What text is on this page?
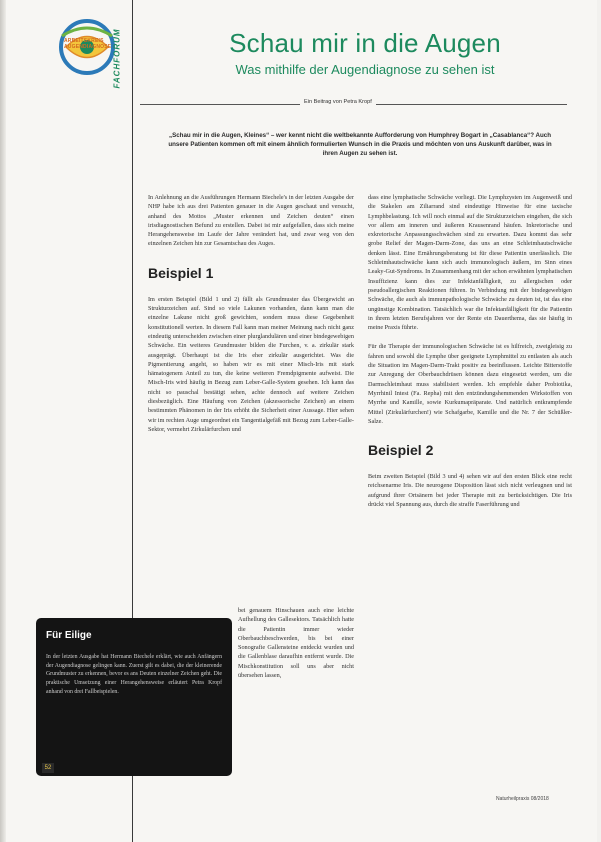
ARBEITSKREIS
AUGENDIAGNOSE FACHFORUM	Schau mir in die Augen
Was mithilfe der Augendiagnose zu sehen ist
Ein Beitrag von Petra Kropf
„Schau mir in die Augen, Kleines“ – wer kennt nicht die weltbekannte Aufforderung von Humphrey Bogart in „Casablanca“? Auch unsere Patienten kommen oft mit einem ähnlich formulierten Wunsch in die Praxis und möchten von uns Auskunft darüber, was in ihren Augen zu sehen ist.

In Anlehnung an die Ausführungen Hermann Biechele's in der letzten Ausgabe der NHP habe ich aus drei Patienten genauer in die Augen geschaut und versucht, anhand des Mottos „Muster erkennen und Zeichen deuten“ einen irisdiagnostischen Befund zu erstellen. Dabei ist mir aufgefallen, dass sich meine Herangehensweise im Laufe der Jahre verändert hat, und zwar weg von den einzelnen Zeichen hin zur Gesamtschau des Auges.

Beispiel 1

Im ersten Beispiel (Bild 1 und 2) fällt als Grundmuster das Übergewicht an Strukturzeichen auf. Sind so viele Lakunen vorhanden, dann kann man die einzelne Lakune nicht groß gewichten, sondern muss diese Gegebenheit konstitutionell werten. In diesem Fall kann man meiner Meinung nach nicht ganz eindeutig unterscheiden zwischen einer plurglandulären und einer bindegewebigen Schwäche. Ein weiteres Grundmuster bilden die Furchen, v. a. zirkulär stark ausgeprägt. Überhaupt ist die Iris eher zirkulär ausgerichtet. Was die Pigmentierung angeht, so haben wir es mit einer Misch-Iris mit stark hämatogenem Anteil zu tun, die keine weiteren Fremdpigmente aufweist. Die Misch-Iris wird häufig in Bezug zum Leber-Galle-System gesehen. Ich kann das nicht so pauschal bestätigt sehen, achte dennoch auf weitere Zeichen diesbezüglich. Eine Häufung von Zeichen (akzessorische Zeichen) an einem bestimmten Phänomen in der Iris erhöht die Sicherheit einer Aussage. Hier sehen wir im rechten Auge umgeordnet ein Tangentialgefäß mit Bezug zum Leber-Galle-Sektor, vermehrt Zirkulärfurchen und

bei genauem Hinschauen auch eine leichte Aufhellung des Gallesektors. Tatsächlich hatte die Patientin immer wieder Oberbauchbeschwerden, bis bei einer Sonografie Gallensteine entdeckt wurden und die Gallenblase daraufhin entfernt wurde. Die Mischkonstitution soll uns aber nicht übersehen lassen,

dass eine lymphatische Schwäche vorliegt. Die Lymphzysten im Augenweiß und die Stakelen am Ziliarrand sind eindeutige Hinweise für eine taxische Lymphbelastung. Ich will noch einmal auf die Strukturzeichen eingehen, die sich vor allem am inneren und äußeren Krausenrand häufen. Inkretorische und exkretorische Anpassungsschwächen sind zu erwarten. Dazu kommt das sehr grobe Relief der Magen-Darm-Zone, das uns an eine Schleimhautschwäche denken lässt. Eine Ernährungsberatung ist für diese Patientin unerlässlich. Die Schleimhautschwäche kann sich auch immunologisch äußern, im Sinn eines Leaky-Gut-Syndroms. In Zusammenhang mit der schon erwähnten lymphatischen Insuffizienz kann dies zur Infektanfälligkeit, zu allergischen oder pseudoallergischen Reaktionen führen. In Verbindung mit der bindegewebigen Schwäche, die auch als immunpathologische Schwäche zu deuten ist, ist das eine ungünstige Kombination. Tatsächlich war die Infektanfälligkeit für die Patientin in ihrem letzten Berufsjahren vor der Rente ein Dauerthema, das sie häufig in meine Praxis führte.

Für die Therapie der immunologischen Schwäche ist es hilfreich, zweigleisig zu fahren und sowohl die Lymphe über geeignete Lymphmittel zu entlasten als auch die Situation im Magen-Darm-Trakt positiv zu beeinflussen. Leichte Bitterstoffe zur Anregung der Oberbauchdrüsen können dazu eingesetzt werden, um die Darmschleimhaut muss stabilisiert werden. Ich empfehle daher Probiotika, Myrrhinil Intest (Fa. Repha) mit den entzündungshemmenden Wirkstoffen von Myrrhe und Kamille, sowie Kurkumapräparate. Und natürlich entkrampfende Mittel (Zirkulärfurchen!) wie Schafgarbe, Kamille und die Nr. 7 der Schüßler-Salze.

Beispiel 2

Beim zweiten Beispiel (Bild 3 und 4) sehen wir auf den ersten Blick eine recht reichsenarme Iris. Die neurogene Disposition lässt sich nicht verleugnen und ist aufgrund ihrer Ortsänern bei jeder Therapie mit zu berücksichtigen. Die Iris drückt viel Spannung aus, durch die straffe Faserführung und

Für Eilige

In der letzten Ausgabe hat Hermann Biechele erklärt, wie auch Anfängern der Augendiagnose gelingen kann. Zuerst gilt es dabei, die der kleinerende Grundmuster zu erkennen, bevor es ans Deuten einzelner Zeichen geht. Die praktische Umsetzung einer Herangehensweise erläutert Petra Kropf anhand von drei Fallbeispielen.

52
Naturheilpraxis 08/2018
